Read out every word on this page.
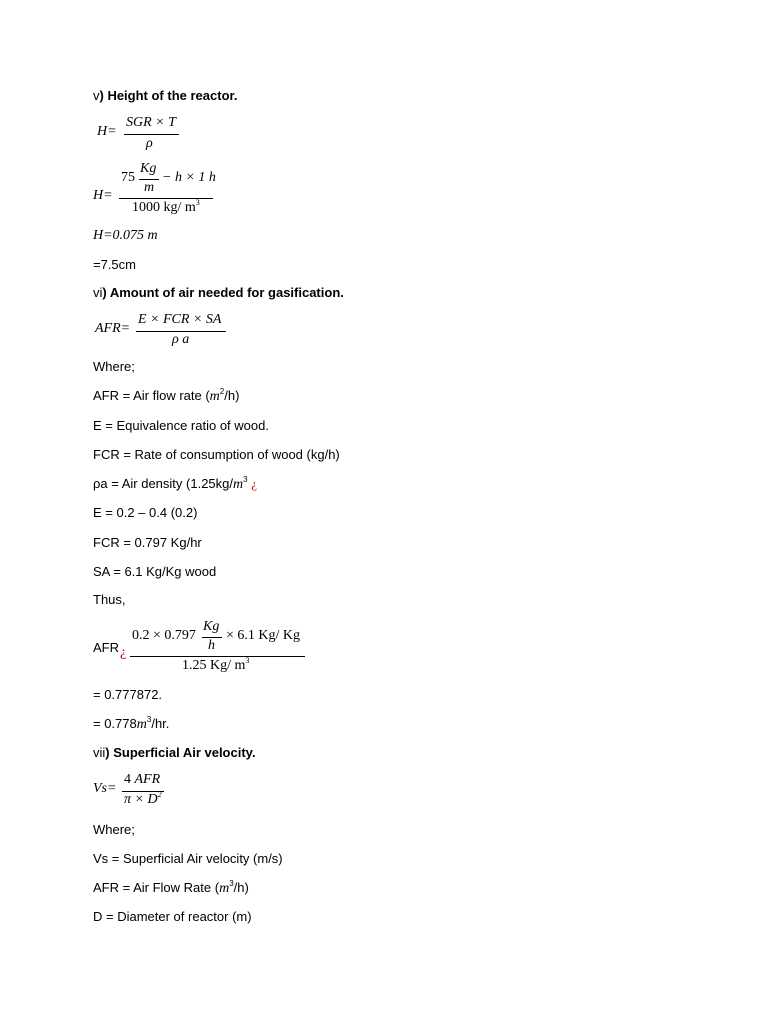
v) Height of the reactor.
H=
SGR × T
ρ
H=
75
Kg
m
− h × 1 h
1000 kg/ $m^3$
H=0.075 m
=7.5cm
vi) Amount of air needed for gasification.
AFR=
E × FCR × SA
ρ a
Where;
AFR = Air flow rate $(m^2/h)$
E = Equivalence ratio of wood.
FCR = Rate of consumption of wood (kg/h)
ρa = Air density ($1.25kg/m^3$ ¿
E = 0.2 – 0.4 (0.2)
FCR = 0.797 Kg/hr
SA = 6.1 Kg/Kg wood
Thus,
AFR ¿
0.2 × 0.797
Kg
h
× 6.1 Kg/ Kg
1.25 Kg/ $m^3$
= 0.777872.
= $0.778m^3/hr$.
vii) Superficial Air velocity.
Vs=
4 AFR
$\pi \times D^2$
Where;
Vs = Superficial Air velocity (m/s)
AFR = Air Flow Rate $(m^3/h)$
D = Diameter of reactor (m)
